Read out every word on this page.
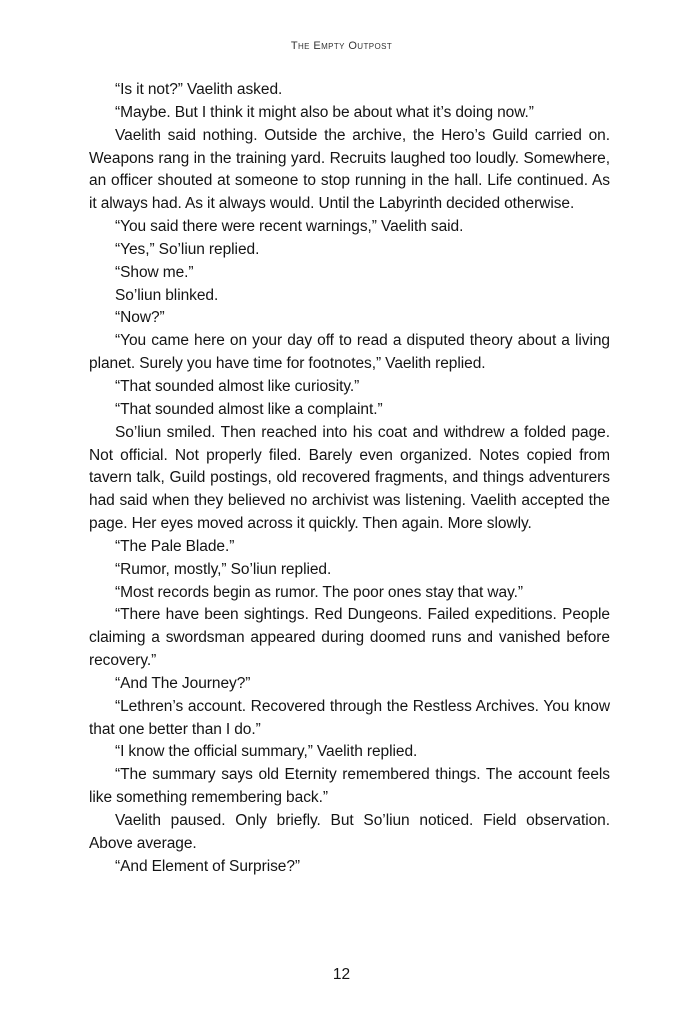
The Empty Outpost

“Is it not?” Vaelith asked.

“Maybe. But I think it might also be about what it’s doing now.”

Vaelith said nothing. Outside the archive, the Hero’s Guild carried on. Weapons rang in the training yard. Recruits laughed too loudly. Somewhere, an officer shouted at someone to stop running in the hall. Life continued. As it always had. As it always would. Until the Labyrinth decided otherwise.

“You said there were recent warnings,” Vaelith said.

“Yes,” So’liun replied.

“Show me.”

So’liun blinked.

“Now?”

“You came here on your day off to read a disputed theory about a living planet. Surely you have time for footnotes,” Vaelith replied.

“That sounded almost like curiosity.”

“That sounded almost like a complaint.”

So’liun smiled. Then reached into his coat and withdrew a folded page. Not official. Not properly filed. Barely even organized. Notes copied from tavern talk, Guild postings, old recovered fragments, and things adventurers had said when they believed no archivist was listening. Vaelith accepted the page. Her eyes moved across it quickly. Then again. More slowly.

“The Pale Blade.”

“Rumor, mostly,” So’liun replied.

“Most records begin as rumor. The poor ones stay that way.”

“There have been sightings. Red Dungeons. Failed expeditions. People claiming a swordsman appeared during doomed runs and vanished before recovery.”

“And The Journey?”

“Lethren’s account. Recovered through the Restless Archives. You know that one better than I do.”

“I know the official summary,” Vaelith replied.

“The summary says old Eternity remembered things. The account feels like something remembering back.”

Vaelith paused. Only briefly. But So’liun noticed. Field observation. Above average.

“And Element of Surprise?”

12
